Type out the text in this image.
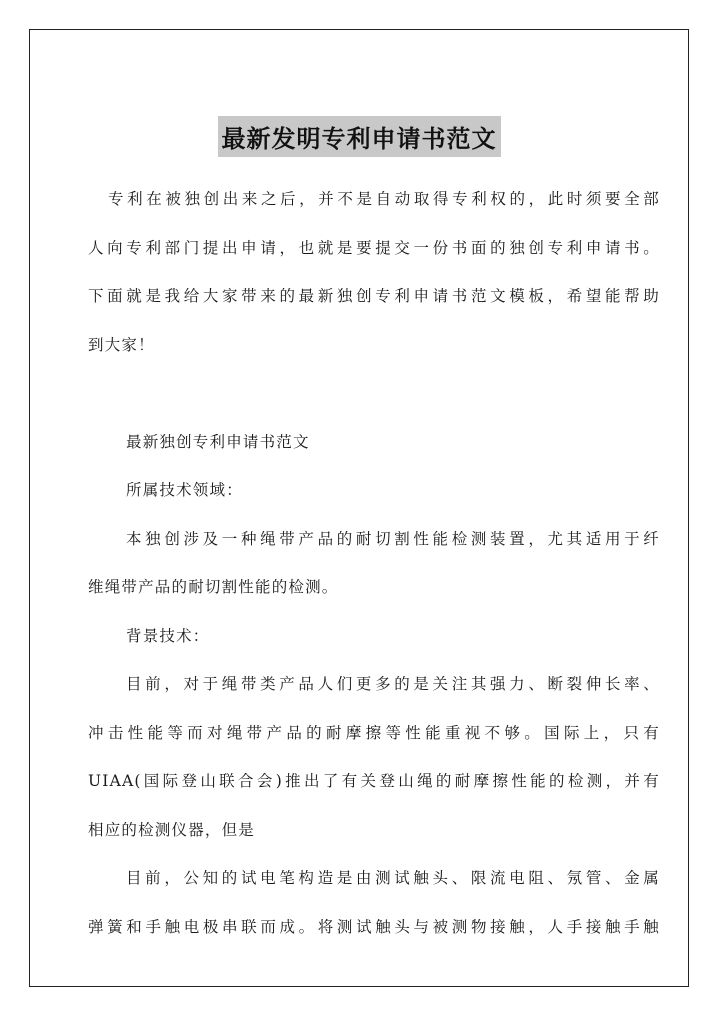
最新发明专利申请书范文
专利在被独创出来之后，并不是自动取得专利权的，此时须要全部
人向专利部门提出申请，也就是要提交一份书面的独创专利申请书。
下面就是我给大家带来的最新独创专利申请书范文模板，希望能帮助
到大家！
最新独创专利申请书范文
所属技术领域：
本独创涉及一种绳带产品的耐切割性能检测装置，尤其适用于纤
维绳带产品的耐切割性能的检测。
背景技术：
目前，对于绳带类产品人们更多的是关注其强力、断裂伸长率、
冲击性能等而对绳带产品的耐摩擦等性能重视不够。国际上，只有
UIAA(国际登山联合会)推出了有关登山绳的耐摩擦性能的检测，并有
相应的检测仪器，但是
目前，公知的试电笔构造是由测试触头、限流电阻、氖管、金属
弹簧和手触电极串联而成。将测试触头与被测物接触，人手接触手触
